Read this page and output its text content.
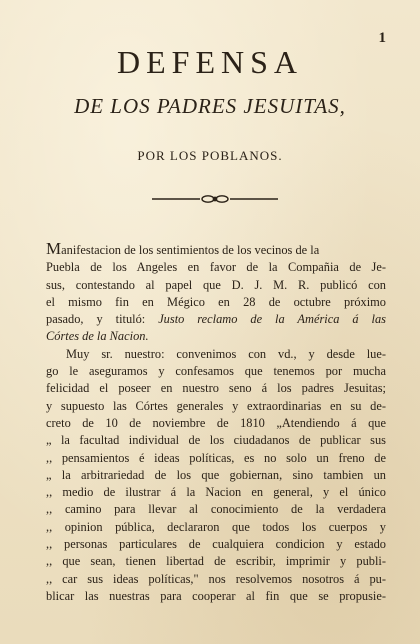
1
DEFENSA
DE LOS PADRES JESUITAS,
POR LOS POBLANOS.
Manifestacion de los sentimientos de los vecinos de la
Puebla de los Angeles en favor de la Compañia de Je-
sus, contestando al papel que D. J. M. R. publicó con
el mismo fin en Mégico en 28 de octubre próximo
pasado, y tituló: Justo reclamo de la América á las
Córtes de la Nacion.
Muy sr. nuestro: convenimos con vd., y desde lue-
go le aseguramos y confesamos que tenemos por mucha
felicidad el poseer en nuestro seno á los padres Jesuitas;
y supuesto las Córtes generales y extraordinarias en su de-
creto de 10 de noviembre de 1810 „Atendiendo á que
„ la facultad individual de los ciudadanos de publicar sus
,, pensamientos é ideas políticas, es no solo un freno de
„ la arbitrariedad de los que gobiernan, sino tambien un
,, medio de ilustrar á la Nacion en general, y el único
,, camino para llevar al conocimiento de la verdadera
,, opinion pública, declararon que todos los cuerpos y
,, personas particulares de cualquiera condicion y estado
,, que sean, tienen libertad de escribir, imprimir y publi-
,, car sus ideas políticas," nos resolvemos nosotros á pu-
blicar las nuestras para cooperar al fin que se propusie-
